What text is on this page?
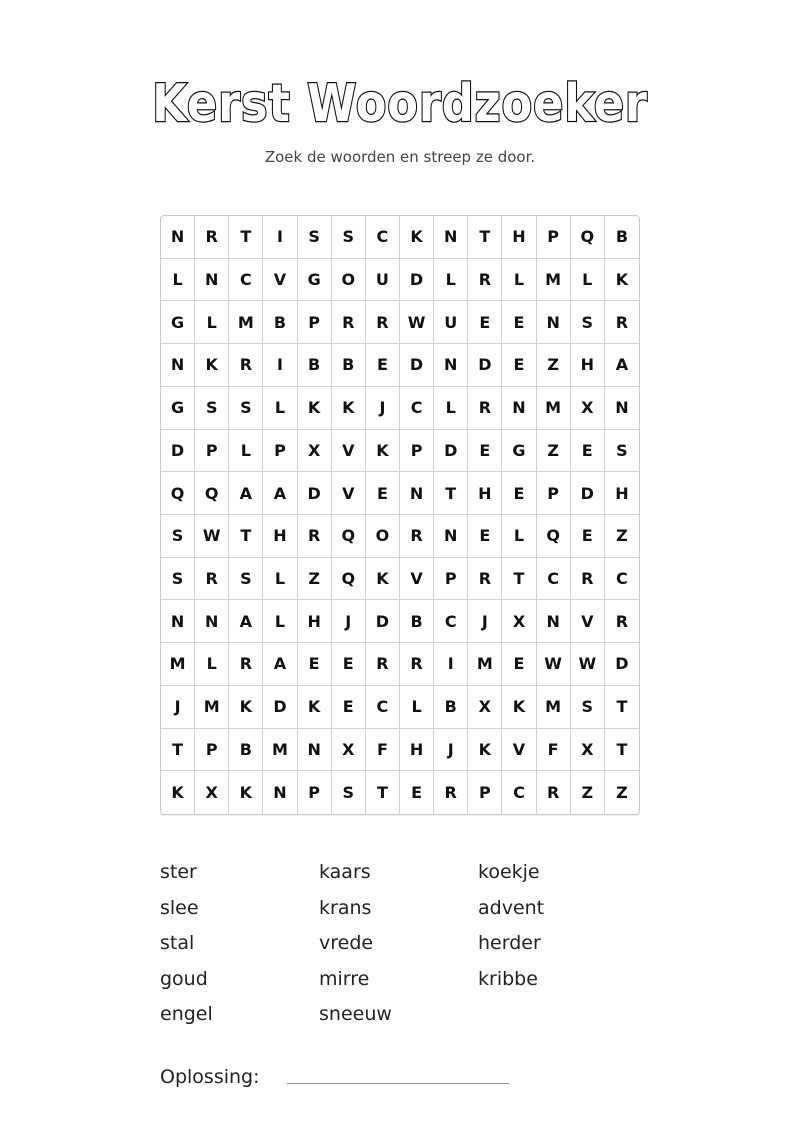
Kerst Woordzoeker
Zoek de woorden en streep ze door.
N	R	T	I	S	S	C	K	N	T	H	P	Q	B
L	N	C	V	G	O	U	D	L	R	L	M	L	K
G	L	M	B	P	R	R	W	U	E	E	N	S	R
N	K	R	I	B	B	E	D	N	D	E	Z	H	A
G	S	S	L	K	K	J	C	L	R	N	M	X	N
D	P	L	P	X	V	K	P	D	E	G	Z	E	S
Q	Q	A	A	D	V	E	N	T	H	E	P	D	H
S	W	T	H	R	Q	O	R	N	E	L	Q	E	Z
S	R	S	L	Z	Q	K	V	P	R	T	C	R	C
N	N	A	L	H	J	D	B	C	J	X	N	V	R
M	L	R	A	E	E	R	R	I	M	E	W	W	D
J	M	K	D	K	E	C	L	B	X	K	M	S	T
T	P	B	M	N	X	F	H	J	K	V	F	X	T
K	X	K	N	P	S	T	E	R	P	C	R	Z	Z
ster
slee
stal
goud
engel
kaars
krans
vrede
mirre
sneeuw
koekje
advent
herder
kribbe
Oplossing:
